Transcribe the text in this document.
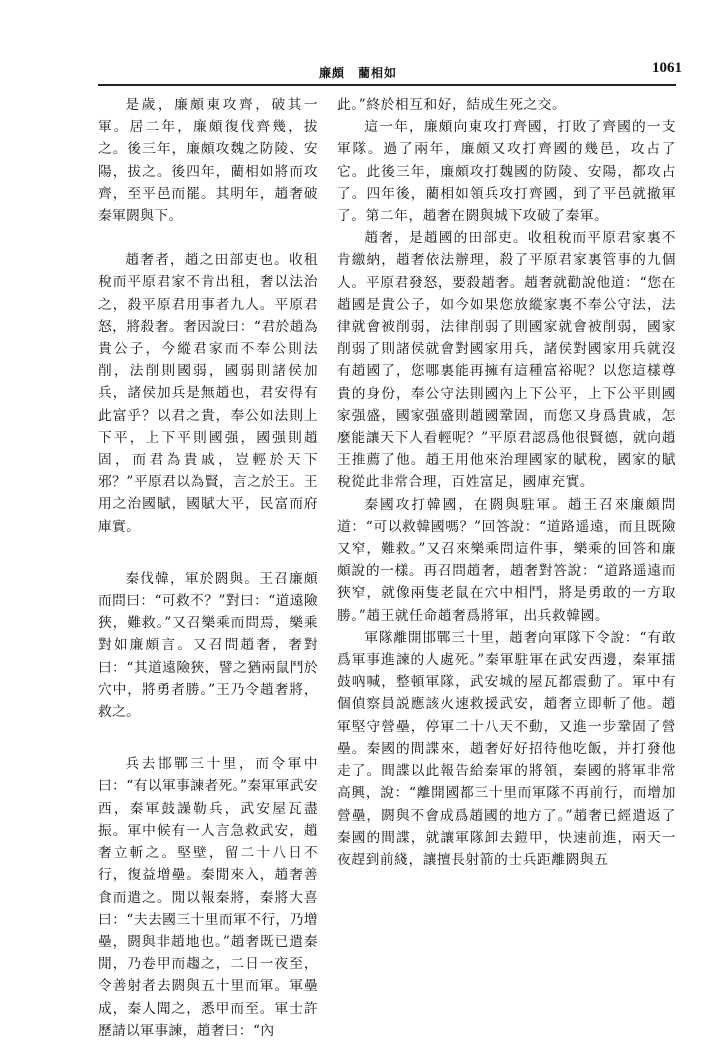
廉頗　藺相如	1061

是歲，廉頗東攻齊，破其一軍。居二年，廉頗復伐齊幾，拔之。後三年，廉頗攻魏之防陵、安陽，拔之。後四年，藺相如將而攻齊，至平邑而罷。其明年，趙奢破秦軍閼與下。

趙奢者，趙之田部吏也。收租稅而平原君家不肯出租，奢以法治之，殺平原君用事者九人。平原君怒，將殺奢。奢因說曰：“君於趙為貴公子，今縱君家而不奉公則法削，法削則國弱，國弱則諸侯加兵，諸侯加兵是無趙也，君安得有此富乎？以君之貴，奉公如法則上下平，上下平則國强，國强則趙固，而君為貴戚，豈輕於天下邪？”平原君以為賢，言之於王。王用之治國賦，國賦大平，民富而府庫實。

秦伐韓，軍於閼與。王召廉頗而問曰：“可救不？”對曰：“道遠險狹，難救。”又召樂乘而問焉，樂乘對如廉頗言。又召問趙奢，奢對曰：“其道遠險狹，譬之猶兩鼠鬥於穴中，將勇者勝。”王乃令趙奢將，救之。

兵去邯鄲三十里，而令軍中曰：“有以軍事諫者死。”秦軍軍武安西，秦軍鼓譟勒兵，武安屋瓦盡振。軍中候有一人言急救武安，趙奢立斬之。堅壁，留二十八日不行，復益增壘。秦閒來入，趙奢善食而遣之。閒以報秦將，秦將大喜曰：“夫去國三十里而軍不行，乃增壘，閼與非趙地也。”趙奢既已遣秦閒，乃卷甲而趨之，二日一夜至，令善射者去閼與五十里而軍。軍壘成，秦人聞之，悉甲而至。軍士許歷請以軍事諫，趙奢曰：“內

此。”終於相互和好，結成生死之交。

這一年，廉頗向東攻打齊國，打敗了齊國的一支軍隊。過了兩年，廉頗又攻打齊國的幾邑，攻占了它。此後三年，廉頗攻打魏國的防陵、安陽，都攻占了。四年後，藺相如領兵攻打齊國，到了平邑就撤軍了。第二年，趙奢在閼與城下攻破了秦軍。

趙奢，是趙國的田部吏。收租稅而平原君家裏不肯繳納，趙奢依法辦理，殺了平原君家裏管事的九個人。平原君發怒，要殺趙奢。趙奢就勸說他道：“您在趙國是貴公子，如今如果您放縱家裏不奉公守法，法律就會被削弱，法律削弱了則國家就會被削弱，國家削弱了則諸侯就會對國家用兵，諸侯對國家用兵就沒有趙國了，您哪裏能再擁有這種富裕呢？以您這樣尊貴的身份，奉公守法則國內上下公平，上下公平則國家强盛，國家强盛則趙國鞏固，而您又身爲貴戚，怎麼能讓天下人看輕呢？”平原君認爲他很賢德，就向趙王推薦了他。趙王用他來治理國家的賦稅，國家的賦稅從此非常合理，百姓富足，國庫充實。

秦國攻打韓國，在閼與駐軍。趙王召來廉頗問道：“可以救韓國嗎？”回答說：“道路遥遠，而且既險又窄，難救。”又召來樂乘問這件事，樂乘的回答和廉頗說的一樣。再召問趙奢，趙奢對答說：“道路遥遠而狹窄，就像兩隻老鼠在穴中相鬥，將是勇敢的一方取勝。”趙王就任命趙奢爲將軍，出兵救韓國。

軍隊離開邯鄲三十里，趙奢向軍隊下令說：“有敢爲軍事進諫的人處死。”秦軍駐軍在武安西邊，秦軍擂鼓吶喊，整頓軍隊，武安城的屋瓦都震動了。軍中有個偵察員説應該火速救援武安，趙奢立即斬了他。趙軍堅守營壘，停軍二十八天不動，又進一步鞏固了營壘。秦國的間諜來，趙奢好好招待他吃飯，并打發他走了。間諜以此報告給秦軍的將領，秦國的將軍非常高興，說：“離開國都三十里而軍隊不再前行，而增加營壘，閼與不會成爲趙國的地方了。”趙奢已經遣返了秦國的間諜，就讓軍隊卸去鎧甲，快速前進，兩天一夜趕到前綫，讓擅長射箭的士兵距離閼與五
